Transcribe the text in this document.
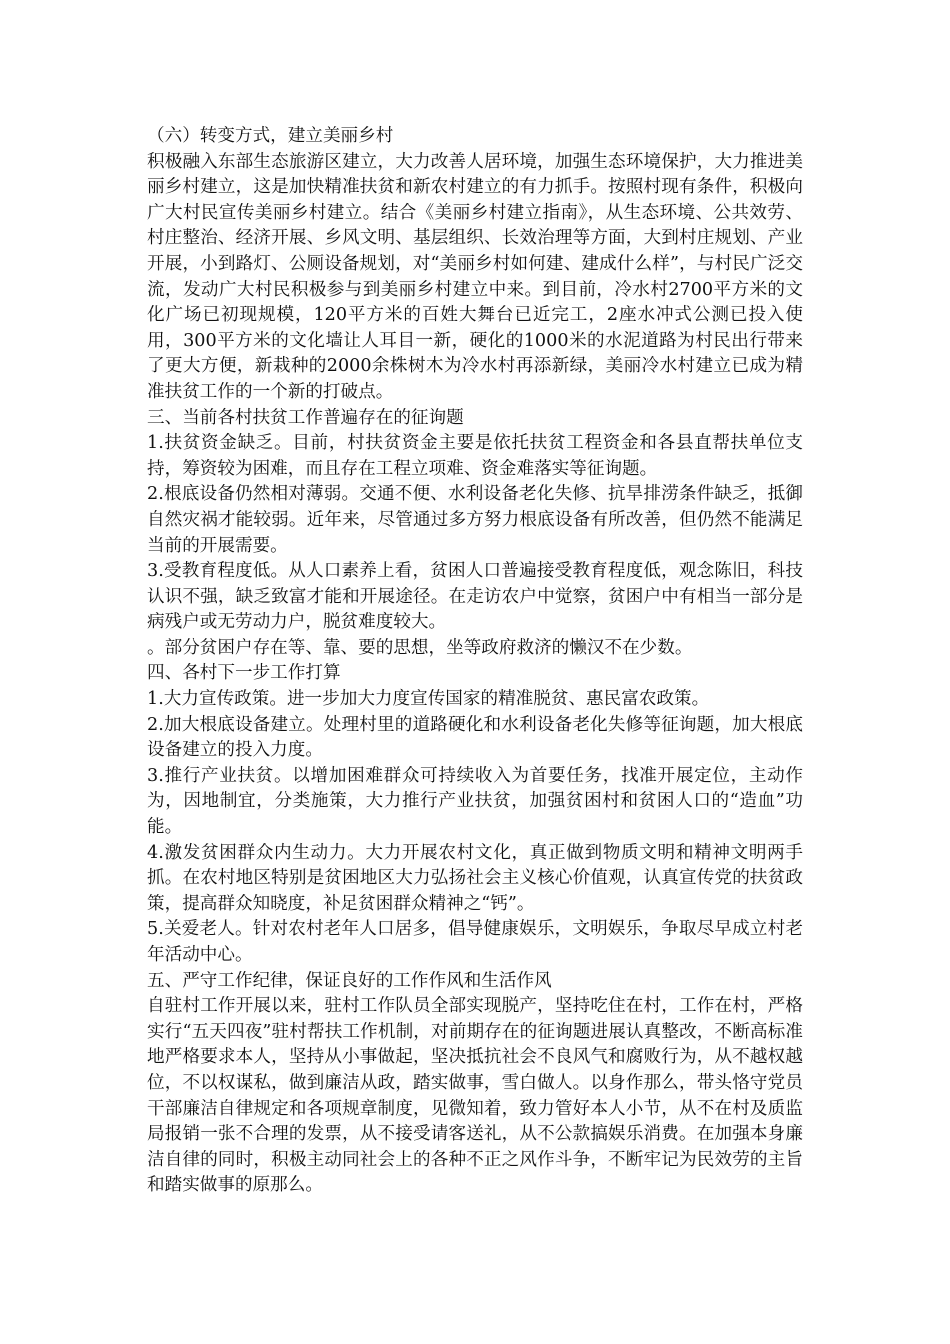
（六）转变方式，建立美丽乡村

积极融入东部生态旅游区建立，大力改善人居环境，加强生态环境保护，大力推进美丽乡村建立，这是加快精准扶贫和新农村建立的有力抓手。按照村现有条件，积极向广大村民宣传美丽乡村建立。结合《美丽乡村建立指南》，从生态环境、公共效劳、村庄整治、经济开展、乡风文明、基层组织、长效治理等方面，大到村庄规划、产业开展，小到路灯、公厕设备规划，对“美丽乡村如何建、建成什么样”，与村民广泛交流，发动广大村民积极参与到美丽乡村建立中来。到目前，冷水村2700平方米的文化广场已初现规模，120平方米的百姓大舞台已近完工，2座水冲式公测已投入使用，300平方米的文化墙让人耳目一新，硬化的1000米的水泥道路为村民出行带来了更大方便，新栽种的2000余株树木为冷水村再添新绿，美丽冷水村建立已成为精准扶贫工作的一个新的打破点。

三、当前各村扶贫工作普遍存在的征询题

1.扶贫资金缺乏。目前，村扶贫资金主要是依托扶贫工程资金和各县直帮扶单位支持，筹资较为困难，而且存在工程立项难、资金难落实等征询题。

2.根底设备仍然相对薄弱。交通不便、水利设备老化失修、抗旱排涝条件缺乏，抵御自然灾祸才能较弱。近年来，尽管通过多方努力根底设备有所改善，但仍然不能满足当前的开展需要。

3.受教育程度低。从人口素养上看，贫困人口普遍接受教育程度低，观念陈旧，科技认识不强，缺乏致富才能和开展途径。在走访农户中觉察，贫困户中有相当一部分是病残户或无劳动力户，脱贫难度较大。

。部分贫困户存在等、靠、要的思想，坐等政府救济的懒汉不在少数。

四、各村下一步工作打算

1.大力宣传政策。进一步加大力度宣传国家的精准脱贫、惠民富农政策。

2.加大根底设备建立。处理村里的道路硬化和水利设备老化失修等征询题，加大根底设备建立的投入力度。

3.推行产业扶贫。以增加困难群众可持续收入为首要任务，找准开展定位，主动作为，因地制宜，分类施策，大力推行产业扶贫，加强贫困村和贫困人口的“造血”功能。

4.激发贫困群众内生动力。大力开展农村文化，真正做到物质文明和精神文明两手抓。在农村地区特别是贫困地区大力弘扬社会主义核心价值观，认真宣传党的扶贫政策，提高群众知晓度，补足贫困群众精神之“钙”。

5.关爱老人。针对农村老年人口居多，倡导健康娱乐，文明娱乐，争取尽早成立村老年活动中心。

五、严守工作纪律，保证良好的工作作风和生活作风

自驻村工作开展以来，驻村工作队员全部实现脱产，坚持吃住在村，工作在村，严格实行“五天四夜”驻村帮扶工作机制，对前期存在的征询题进展认真整改，不断高标准地严格要求本人，坚持从小事做起，坚决抵抗社会不良风气和腐败行为，从不越权越位，不以权谋私，做到廉洁从政，踏实做事，雪白做人。以身作那么，带头恪守党员干部廉洁自律规定和各项规章制度，见微知着，致力管好本人小节，从不在村及质监局报销一张不合理的发票，从不接受请客送礼，从不公款搞娱乐消费。在加强本身廉洁自律的同时，积极主动同社会上的各种不正之风作斗争，不断牢记为民效劳的主旨和踏实做事的原那么。
